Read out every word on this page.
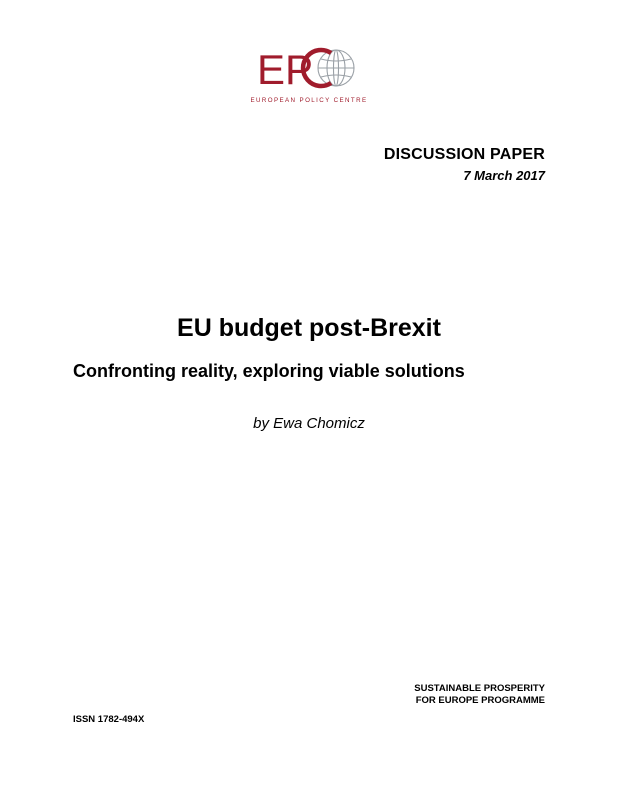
E P
EUROPEAN POLICY CENTRE
DISCUSSION PAPER
7 March 2017
EU budget post-Brexit
Confronting reality, exploring viable solutions
by Ewa Chomicz
SUSTAINABLE PROSPERITY
FOR EUROPE PROGRAMME
ISSN 1782-494X
